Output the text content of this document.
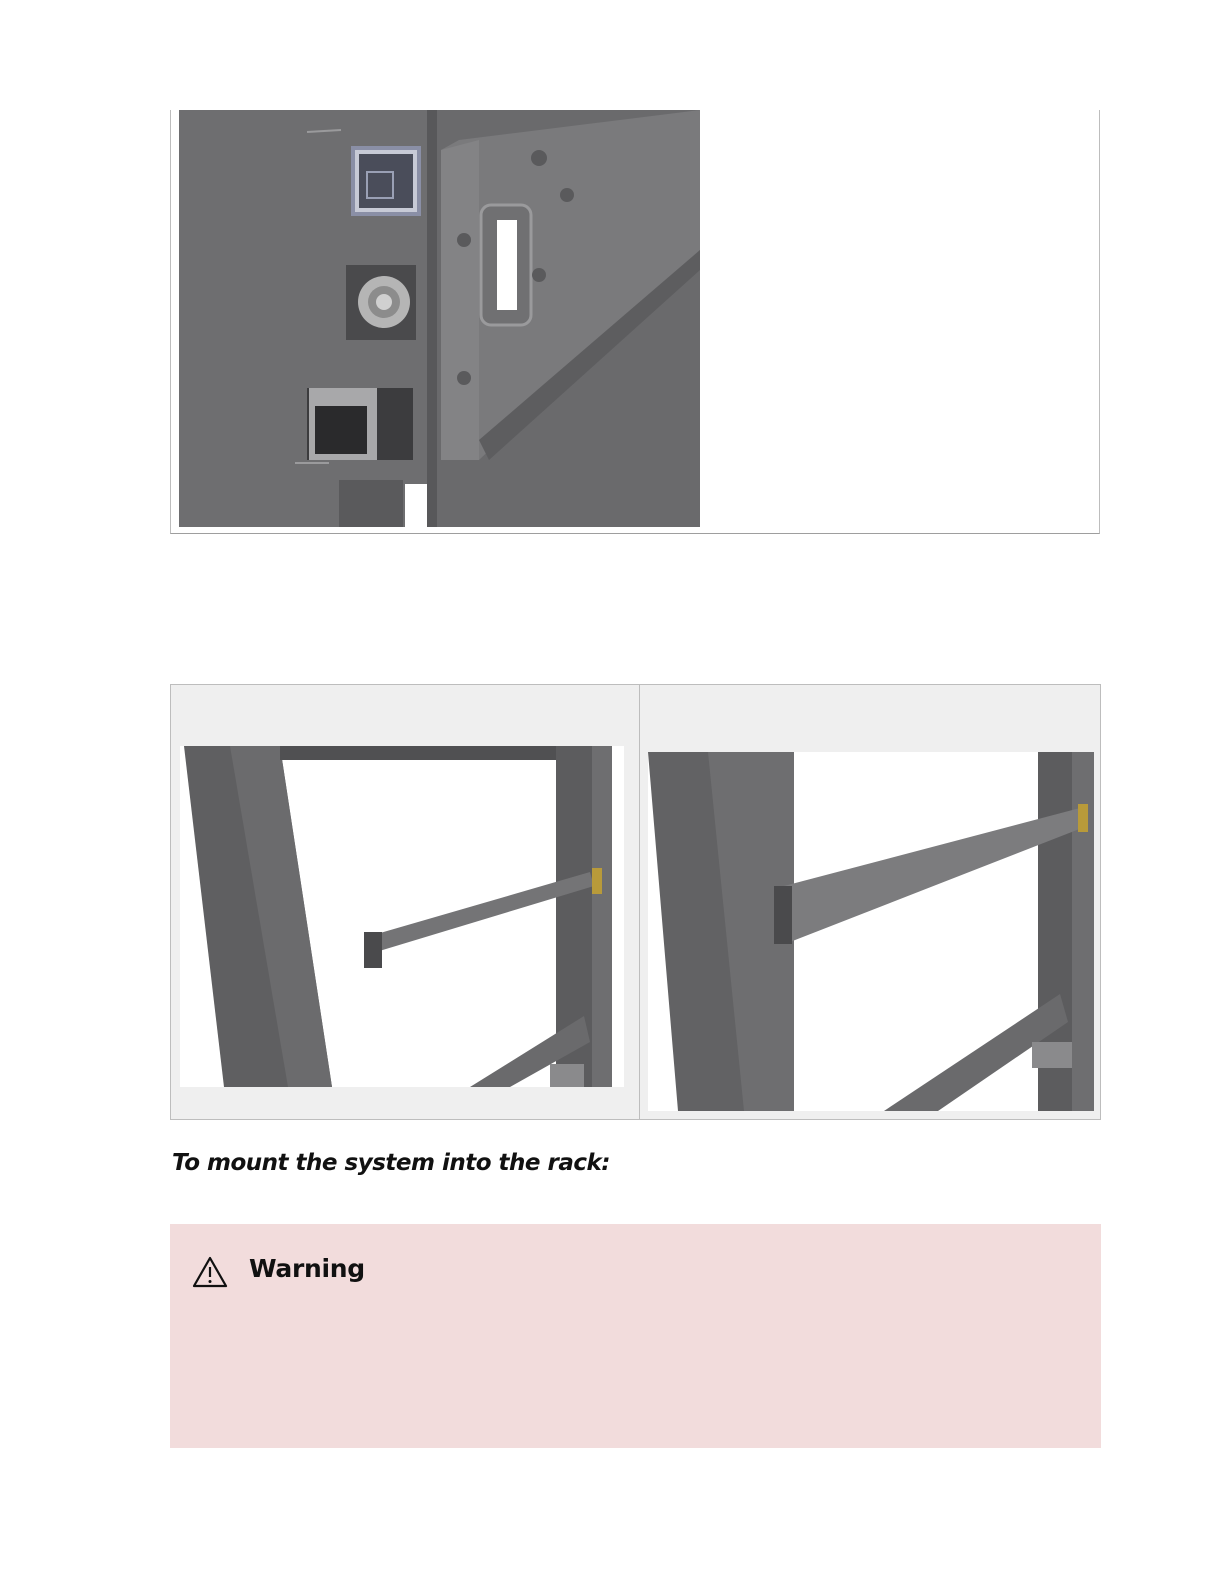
To mount the system into the rack:
Warning
